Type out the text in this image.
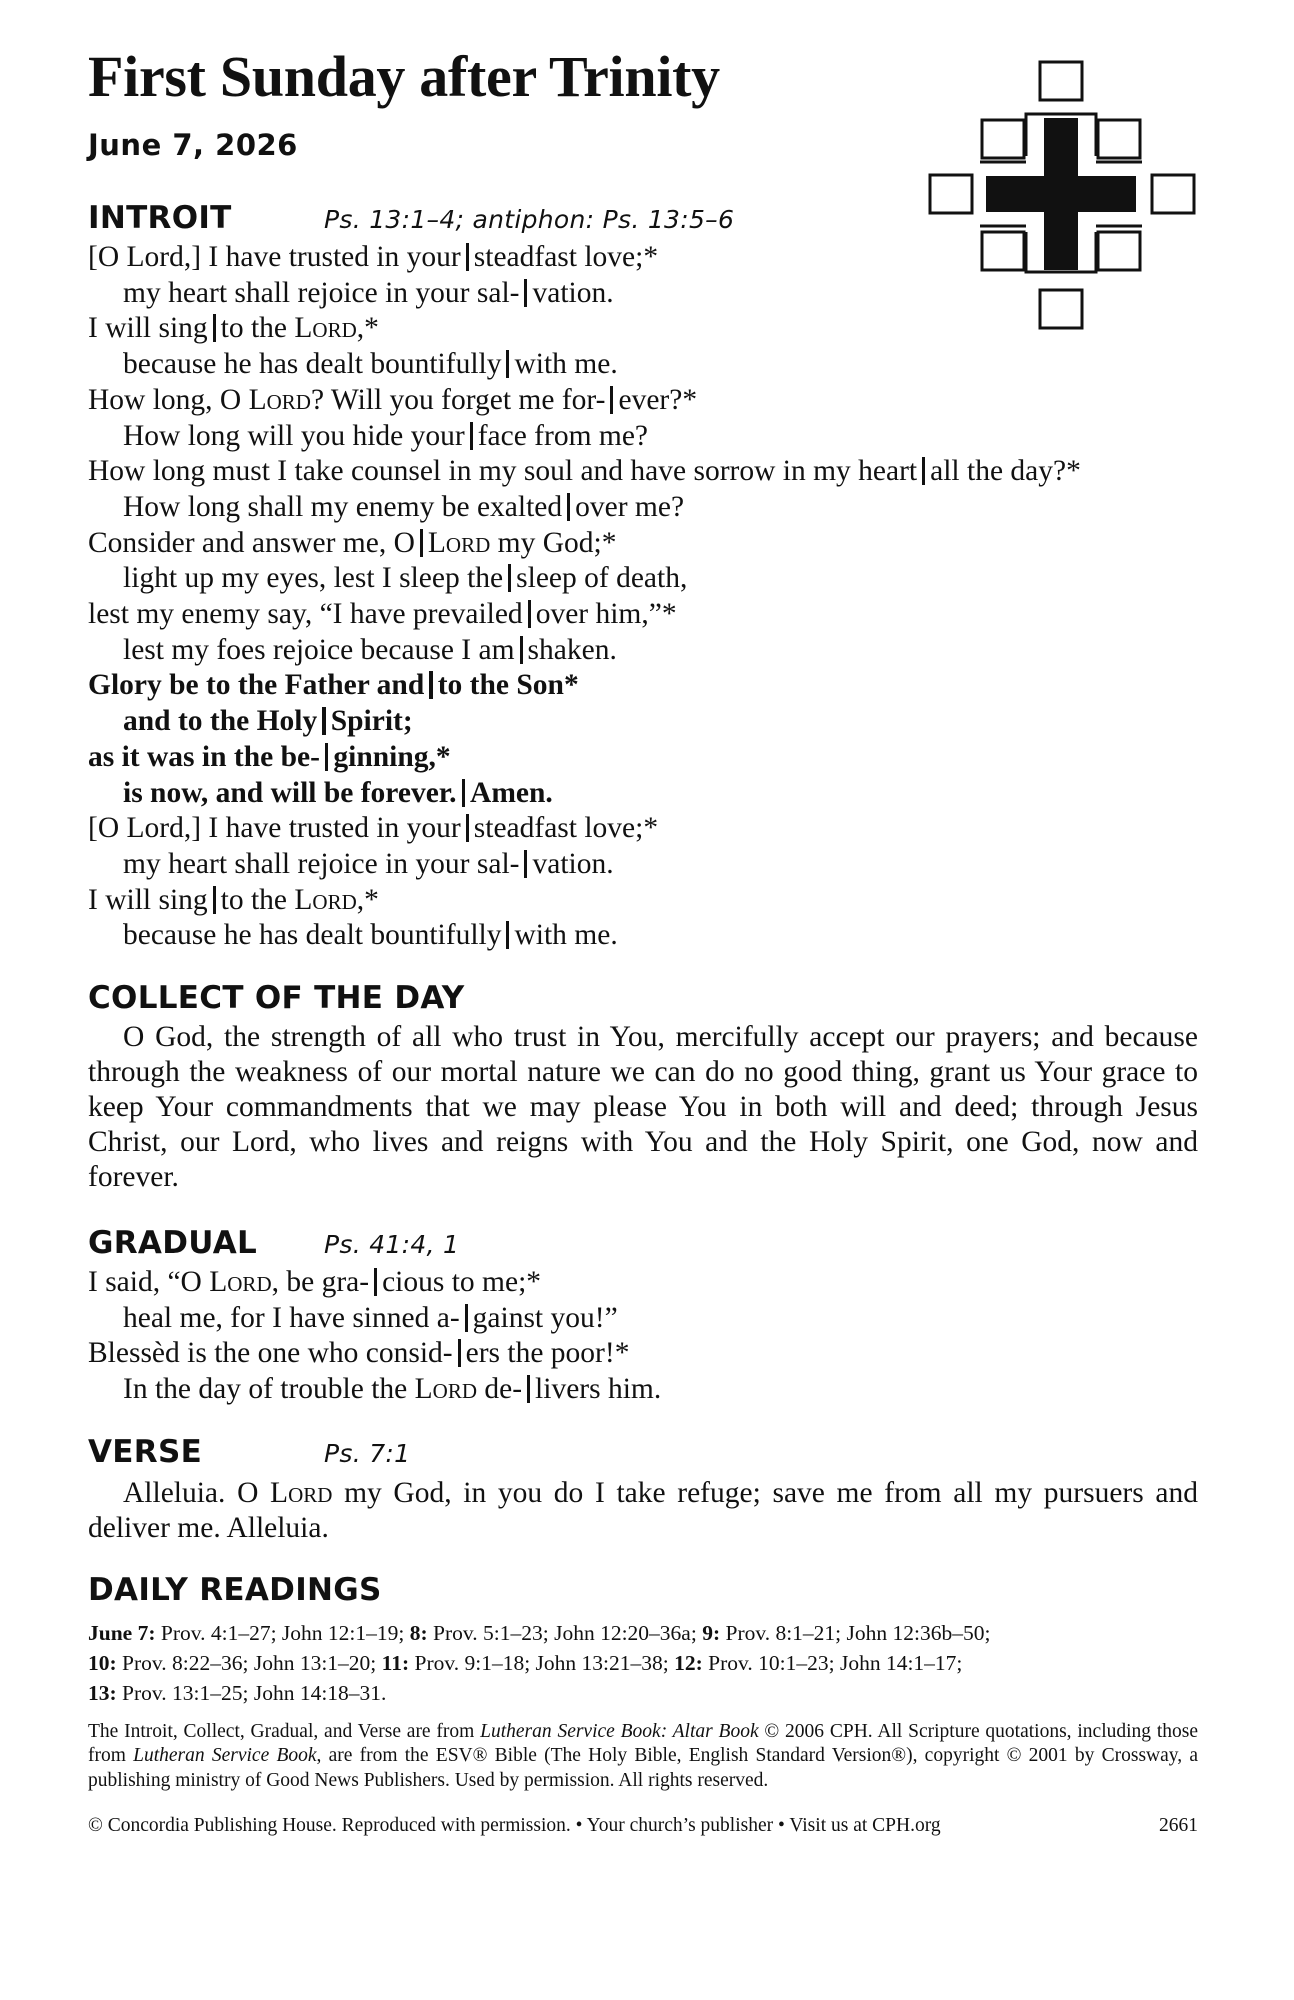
First Sunday after Trinity
June 7, 2026
INTROIT	Ps. 13:1–4; antiphon: Ps. 13:5–6
[O Lord,] I have trusted in your steadfast love;*
my heart shall rejoice in your sal- vation.
I will sing to the Lord,*
because he has dealt bountifully with me.
How long, O Lord? Will you forget me for- ever?*
How long will you hide your face from me?
How long must I take counsel in my soul and have sorrow in my heart all the day?*
How long shall my enemy be exalted over me?
Consider and answer me, O Lord my God;*
light up my eyes, lest I sleep the sleep of death,
lest my enemy say, “I have prevailed over him,”*
lest my foes rejoice because I am shaken.
Glory be to the Father and to the Son*
and to the Holy Spirit;
as it was in the be- ginning,*
is now, and will be forever. Amen.
[O Lord,] I have trusted in your steadfast love;*
my heart shall rejoice in your sal- vation.
I will sing to the Lord,*
because he has dealt bountifully with me.
COLLECT OF THE DAY
O God, the strength of all who trust in You, mercifully accept our prayers; and because through the weakness of our mortal nature we can do no good thing, grant us Your grace to keep Your commandments that we may please You in both will and deed; through Jesus Christ, our Lord, who lives and reigns with You and the Holy Spirit, one God, now and forever.
GRADUAL	Ps. 41:4, 1
I said, “O Lord, be gra- cious to me;*
heal me, for I have sinned a- gainst you!”
Blessèd is the one who consid- ers the poor!*
In the day of trouble the Lord de- livers him.
VERSE	Ps. 7:1
Alleluia. O Lord my God, in you do I take refuge; save me from all my pursuers and deliver me. Alleluia.
DAILY READINGS
June 7: Prov. 4:1–27; John 12:1–19; 8: Prov. 5:1–23; John 12:20–36a; 9: Prov. 8:1–21; John 12:36b–50;
10: Prov. 8:22–36; John 13:1–20; 11: Prov. 9:1–18; John 13:21–38; 12: Prov. 10:1–23; John 14:1–17;
13: Prov. 13:1–25; John 14:18–31.
The Introit, Collect, Gradual, and Verse are from Lutheran Service Book: Altar Book © 2006 CPH. All Scripture quotations, including those from Lutheran Service Book, are from the ESV® Bible (The Holy Bible, English Standard Version®), copyright © 2001 by Crossway, a publishing ministry of Good News Publishers. Used by permission. All rights reserved.
© Concordia Publishing House. Reproduced with permission. • Your church’s publisher • Visit us at CPH.org	2661
